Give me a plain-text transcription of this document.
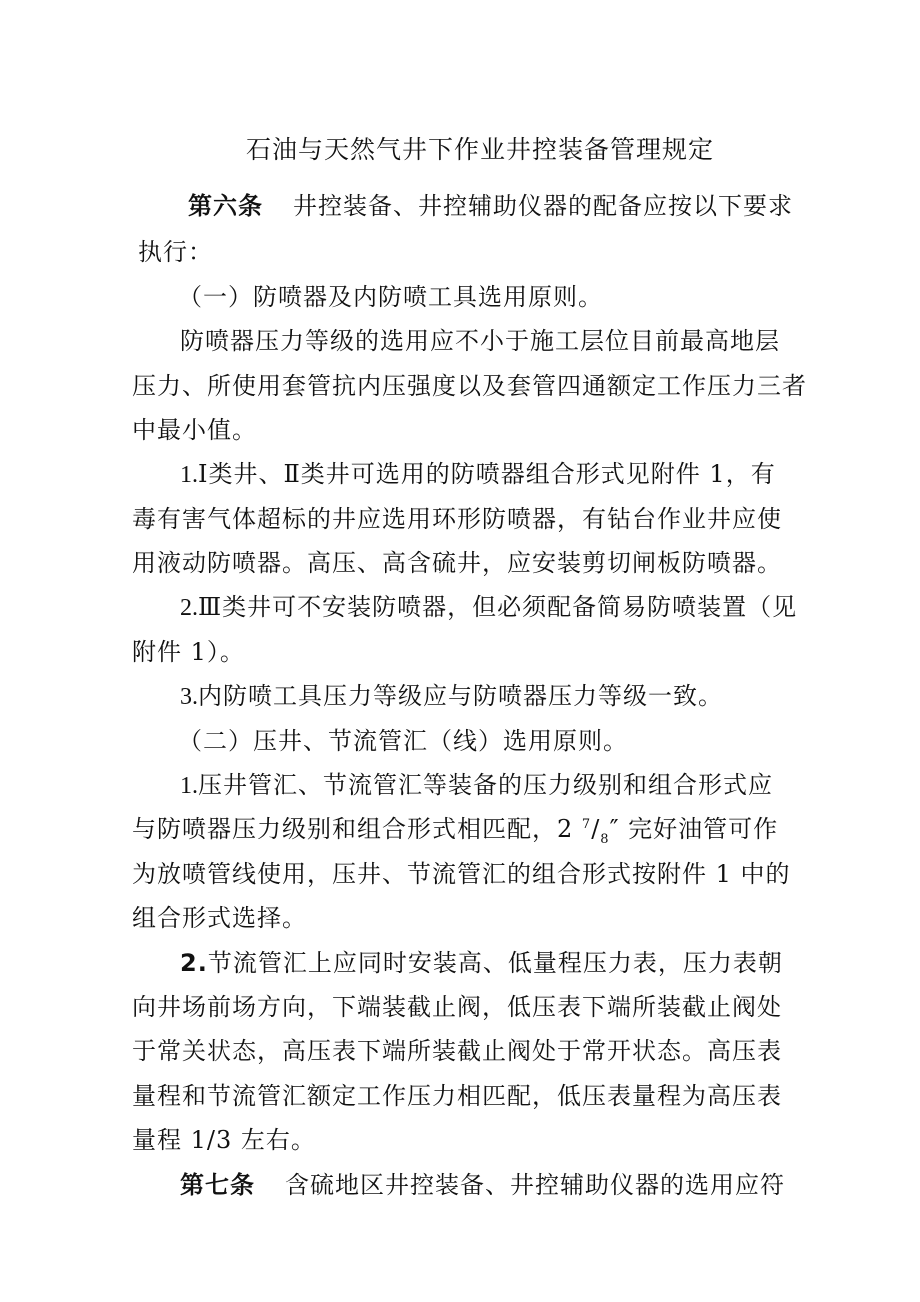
石油与天然气井下作业井控装备管理规定
第六条 井控装备、井控辅助仪器的配备应按以下要求
执行：
（一）防喷器及内防喷工具选用原则。
防喷器压力等级的选用应不小于施工层位目前最高地层
压力、所使用套管抗内压强度以及套管四通额定工作压力三者
中最小值。
1.Ⅰ类井、Ⅱ类井可选用的防喷器组合形式见附件 1，有
毒有害气体超标的井应选用环形防喷器，有钻台作业井应使
用液动防喷器。高压、高含硫井，应安装剪切闸板防喷器。
2.Ⅲ类井可不安装防喷器，但必须配备简易防喷装置（见
附件 1）。
3.内防喷工具压力等级应与防喷器压力等级一致。
（二）压井、节流管汇（线）选用原则。
1.压井管汇、节流管汇等装备的压力级别和组合形式应
与防喷器压力级别和组合形式相匹配，2 $^7/_8''$ 完好油管可作
为放喷管线使用，压井、节流管汇的组合形式按附件 1 中的
组合形式选择。
2.节流管汇上应同时安装高、低量程压力表，压力表朝
向井场前场方向，下端装截止阀，低压表下端所装截止阀处
于常关状态，高压表下端所装截止阀处于常开状态。高压表
量程和节流管汇额定工作压力相匹配，低压表量程为高压表
量程 1/3 左右。
第七条 含硫地区井控装备、井控辅助仪器的选用应符
